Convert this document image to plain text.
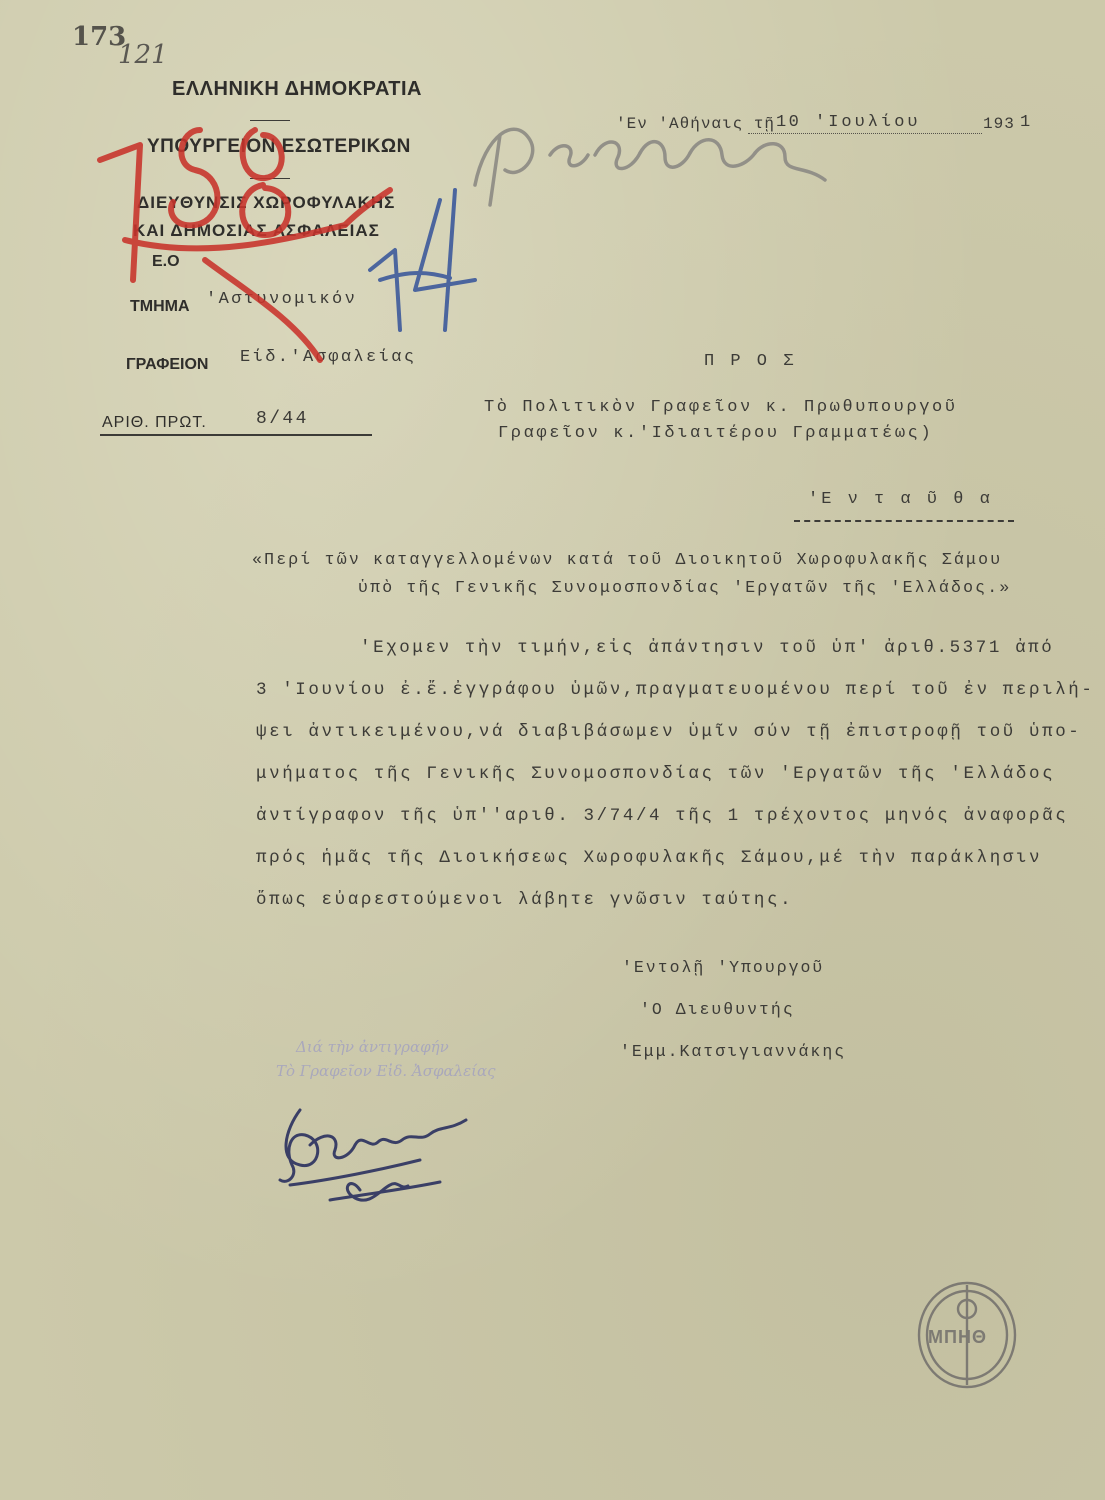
173
121
ΕΛΛΗΝΙΚΗ ΔΗΜΟΚΡΑΤΙΑ
ΥΠΟΥΡΓΕΙΟΝ ΕΣΩΤΕΡΙΚΩΝ
ΔΙΕΥΘΥΝΣΙΣ ΧΩΡΟΦΥΛΑΚΗΣ
ΚΑΙ ΔΗΜΟΣΙΑΣ ΑΣΦΑΛΕΙΑΣ
Ε.Ο
ΤΜΗΜΑ 'Αστυνομικόν
ΓΡΑΦΕΙΟΝ Είδ.'Ασφαλείας
ΑΡΙΘ. ΠΡΩΤ.	8/44
'Εν 'Αθήναις τῇ 10 'Ιουλίου	193 1
Π Ρ Ο Σ
Τὸ Πολιτικὸν Γραφεῖον κ. Πρωθυπουργοῦ
Γραφεῖον κ.'Ιδιαιτέρου Γραμματέως)
'Ε ν τ α ῦ θ α
«Περί τῶν καταγγελλομένων κατά τοῦ Διοικητοῦ Χωροφυλακῆς Σάμου
ὑπὸ τῆς Γενικῆς Συνομοσπονδίας 'Εργατῶν τῆς 'Ελλάδος.»
'Εχομεν τὴν τιμήν,εἰς ἀπάντησιν τοῦ ὑπ' ἀριθ.5371 ἀπό
3 'Ιουνίου ἐ.ἔ.ἐγγράφου ὑμῶν,πραγματευομένου περί τοῦ ἐν περιλή-
ψει ἀντικειμένου,νά διαβιβάσωμεν ὑμῖν σύν τῇ ἐπιστροφῇ τοῦ ὑπο-
μνήματος τῆς Γενικῆς Συνομοσπονδίας τῶν 'Εργατῶν τῆς 'Ελλάδος
ἀντίγραφον τῆς ὑπ''αριθ. 3/74/4 τῆς 1 τρέχοντος μηνός ἀναφορᾶς
πρός ἡμᾶς τῆς Διοικήσεως Χωροφυλακῆς Σάμου,μέ τὴν παράκλησιν
ὅπως εὐαρεστούμενοι λάβητε γνῶσιν ταύτης.
'Εντολῇ 'Υπουργοῦ
'Ο Διευθυντής
'Εμμ.Κατσιγιαννάκης
Διά τὴν ἀντιγραφήν
Τὸ Γραφεῖον Εἰδ. Ἀσφαλείας
ΜΠΗΘ
